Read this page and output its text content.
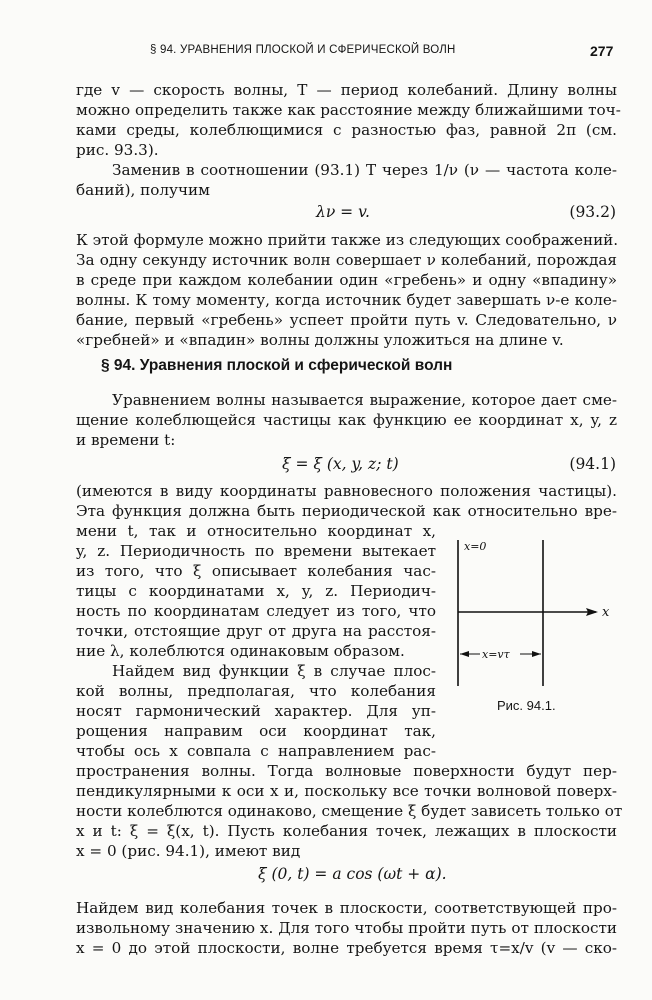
§ 94. УРАВНЕНИЯ ПЛОСКОЙ И СФЕРИЧЕСКОЙ ВОЛН	277
где v — скорость волны, T — период колебаний. Длину волны
можно определить также как расстояние между ближайшими точ-
ками среды, колеблющимися с разностью фаз, равной 2π (см.
рис. 93.3).
Заменив в соотношении (93.1) T через 1/ν (ν — частота коле-
баний), получим
λν = v.	(93.2)
К этой формуле можно прийти также из следующих соображений.
За одну секунду источник волн совершает ν колебаний, порождая
в среде при каждом колебании один «гребень» и одну «впадину»
волны. К тому моменту, когда источник будет завершать ν-е коле-
бание, первый «гребень» успеет пройти путь v. Следовательно, ν
«гребней» и «впадин» волны должны уложиться на длине v.
§ 94. Уравнения плоской и сферической волн
Уравнением волны называется выражение, которое дает сме-
щение колеблющейся частицы как функцию ее координат x, y, z
и времени t:
ξ = ξ (x, y, z; t)	(94.1)
(имеются в виду координаты равновесного положения частицы).
Эта функция должна быть периодической как относительно вре-
мени t, так и относительно координат x,
y, z. Периодичность по времени вытекает
из того, что ξ описывает колебания час-
тицы с координатами x, y, z. Периодич-
ность по координатам следует из того, что
точки, отстоящие друг от друга на расстоя-
ние λ, колеблются одинаковым образом.
Найдем вид функции ξ в случае плос-
кой волны, предполагая, что колебания
носят гармонический характер. Для уп-
рощения направим оси координат так,
чтобы ось x совпала с направлением рас-
пространения волны. Тогда волновые поверхности будут пер-
пендикулярными к оси x и, поскольку все точки волновой поверх-
ности колеблются одинаково, смещение ξ будет зависеть только от
x и t: ξ = ξ(x, t). Пусть колебания точек, лежащих в плоскости
x = 0 (рис. 94.1), имеют вид
ξ (0, t) = a cos (ωt + α).
Найдем вид колебания точек в плоскости, соответствующей про-
извольному значению x. Для того чтобы пройти путь от плоскости
x = 0 до этой плоскости, волне требуется время τ=x/v (v — ско-
x=0
x
x=vτ
Рис. 94.1.
